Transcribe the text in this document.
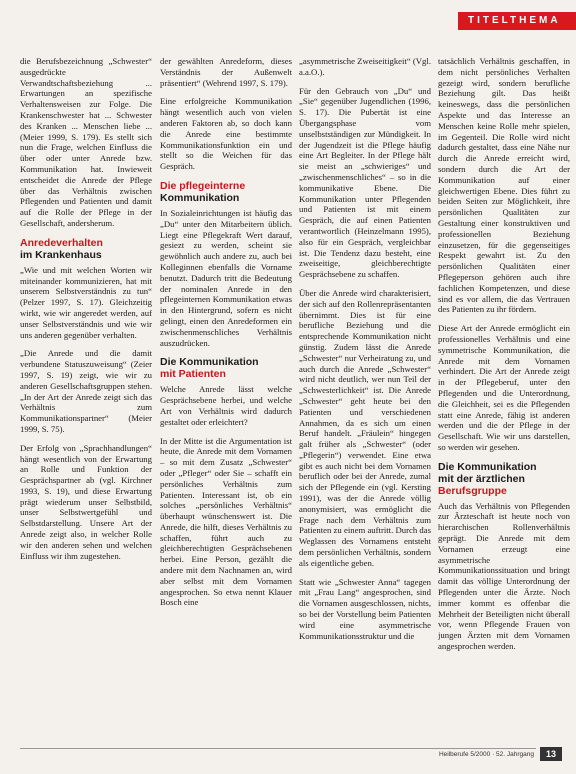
TITELTHEMA

die Berufsbezeichnung „Schwester“ ausgedrückte Verwandtschaftsbeziehung ... Erwartungen an spezifische Verhaltensweisen zur Folge. Die Krankenschwester hat ... Schwester des Kranken ... Menschen liebe ... (Meier 1999, S. 179). Es stellt sich nun die Frage, welchen Einfluss die über oder unter Anrede bzw. Kommunikation hat. Inwieweit entscheidet die Anrede der Pflege über das Verhältnis zwischen Pflegenden und Patienten und damit auf die Rolle der Pflege in der Gesellschaft, andersherum.

Anredeverhalten
im Krankenhaus

„Wie und mit welchen Worten wir miteinander kommunizieren, hat mit unserem Selbstverständnis zu tun“ (Pelzer 1997, S. 17). Gleichzeitig wirkt, wie wir angeredet werden, auf unser Selbstverständnis und wie wir uns anderen gegenüber verhalten.

„Die Anrede und die damit verbundene Statuszuweisung“ (Zeier 1997, S. 19) zeigt, wie wir zu anderen Gesellschaftsgruppen stehen. „In der Art der Anrede zeigt sich das Verhältnis zum Kommunikationspartner“ (Meier 1999, S. 75).

Der Erfolg von „Sprachhandlungen“ hängt wesentlich von der Erwartung an Rolle und Funktion der Gesprächspartner ab (vgl. Kirchner 1993, S. 19), und diese Erwartung prägt wiederum unser Selbstbild, unser Selbstwertgefühl und Selbstdarstellung. Unsere Art der Anrede zeigt also, in welcher Rolle wir den anderen sehen und welchen Einfluss wir ihm zugestehen.

der gewählten Anredeform, dieses Verständnis der Außenwelt präsentiert“ (Wehrend 1997, S. 179).

Eine erfolgreiche Kommunikation hängt wesentlich auch von vielen anderen Faktoren ab, so doch kann die Anrede eine bestimmte Kommunikationsfunktion ein und stellt so die Weichen für das Gespräch.

Die pflegeinterne
Kommunikation

In Sozialeinrichtungen ist häufig das „Du“ unter den Mitarbeitern üblich. Liegt eine Pflegekraft Wert darauf, gesiezt zu werden, scheint sie gewöhnlich auch andere zu, auch bei Kolleginnen ebenfalls die Vorname benutzt. Dadurch tritt die Bedeutung der nominalen Anrede in den pflegeinternen Kommunikation etwas in den Hintergrund, sofern es nicht gelingt, einen den Anredeformen ein zwischenmenschliches Verhältnis auszudrücken.

Die Kommunikation
mit Patienten

Welche Anrede lässt welche Gesprächsebene herbei, und welche Art von Verhältnis wird dadurch gestaltet oder erleichtert?

In der Mitte ist die Argumentation ist heute, die Anrede mit dem Vornamen – so mit dem Zusatz „Schwester“ oder „Pfleger“ oder Sie – schafft ein persönliches Verhältnis zum Patienten. Interessant ist, ob ein solches „persönliches Verhältnis“ überhaupt wünschenswert ist. Die Anrede, die hilft, dieses Verhältnis zu schaffen, führt auch zu gleichberechtigten Gesprächsebenen herbei. Eine Person, gezählt die andere mit dem Nachnamen an, wird aber selbst mit dem Vornamen angesprochen. So etwa nennt Klauer Bosch eine

„asymmetrische Zweiseitigkeit“ (Vgl. a.a.O.).

Für den Gebrauch von „Du“ und „Sie“ gegenüber Jugendlichen (1996, S. 17). Die Pubertät ist eine Übergangsphase vom unselbstständigen zur Mündigkeit. In der Jugendzeit ist die Pflege häufig eine Art Begleiter. In der Pflege hält sie meist an „schwieriges“ und „zwischenmenschliches“ – so in die kommunikative Ebene. Die Kommunikation unter Pflegenden und Patienten ist mit einem Gespräch, die auf einen Patienten verantwortlich (Heinzelmann 1995), also für ein Gespräch, vergleichbar ist. Die Tendenz dazu besteht, eine zweiseitige, gleichberechtigte Gesprächsebene zu schaffen.

Über die Anrede wird charakterisiert, der sich auf den Rollenrepräsentanten übernimmt. Dies ist für eine berufliche Beziehung und die entsprechende Kommunikation nicht günstig. Zudem lässt die Anrede „Schwester“ nur Verheiratung zu, und auch durch die Anrede „Schwester“ wird nicht deutlich, wer nun Teil der „Schwesterlichkeit“ ist. Die Anrede „Schwester“ geht heute bei den Patienten und verschiedenen Annahmen, da es sich um einen Beruf handelt. „Fräulein“ hingegen galt früher als „Schwester“ (oder „Pflegerin“) verwendet. Eine etwa gibt es auch nicht bei dem Vornamen beruflich oder bei der Anrede, zumal sich der Pflegende ein (vgl. Kersting 1991), was der die Anrede völlig anonymisiert, was ermöglicht die Frage nach dem Verhältnis zum Patienten zu einem auftritt. Durch das Weglassen des Vornamens entsteht dem persönlichen Verhältnis, sondern als eigentliche geben.

Statt wie „Schwester Anna“ tagegen mit „Frau Lang“ angesprochen, sind die Vornamen ausgeschlossen, nichts, so bei der Vorstellung beim Patienten wird eine asymmetrische Kommunikationsstruktur und die

tatsächlich Verhältnis geschaffen, in dem nicht persönliches Verhalten gezeigt wird, sondern berufliche Beziehung gilt. Das heißt keineswegs, dass die persönlichen Aspekte und das Interesse an Menschen keine Rolle mehr spielen, im Gegenteil. Die Rolle wird nicht dadurch gestaltet, dass eine Nähe nur durch die Anrede erreicht wird, sondern durch die Art der Kommunikation auf einer gleichwertigen Ebene. Dies führt zu beiden Seiten zur Möglichkeit, ihre persönlichen Qualitäten zur Gestaltung einer konstruktiven und professionellen Beziehung einzusetzen, für die gegenseitiges Respekt gewahrt ist. Zu den persönlichen Qualitäten einer Pflegeperson gehören auch ihre fachlichen Kompetenzen, und diese sind es vor allem, die das Vertrauen des Patienten zu ihr fördern.

Diese Art der Anrede ermöglicht ein professionelles Verhältnis und eine symmetrische Kommunikation, die Anrede mit dem Vornamen verhindert. Die Art der Anrede zeigt in der Pflegeberuf, unter den Pflegenden und die Unterordnung, die Gleichheit, sei es die Pflegenden statt eine Anrede, fähig ist anderen werden und die der Pflege in der Gesellschaft. Wie wir uns darstellen, so werden wir gesehen.

Die Kommunikation
mit der ärztlichen
Berufsgruppe

Auch das Verhältnis von Pflegenden zur Ärzteschaft ist heute noch von hierarchischen Rollenverhältnis geprägt. Die Anrede mit dem Vornamen erzeugt eine asymmetrische Kommunikationssituation und bringt damit das völlige Unterordnung der Pflegenden unter die Ärzte. Noch immer kommt es offenbar die Mehrheit der Beteiligten nicht überall vor, wenn Pflegende Frauen von jungen Ärzten mit dem Vornamen angesprochen werden.

Heilberufe 5/2000 · 52. Jahrgang	13
